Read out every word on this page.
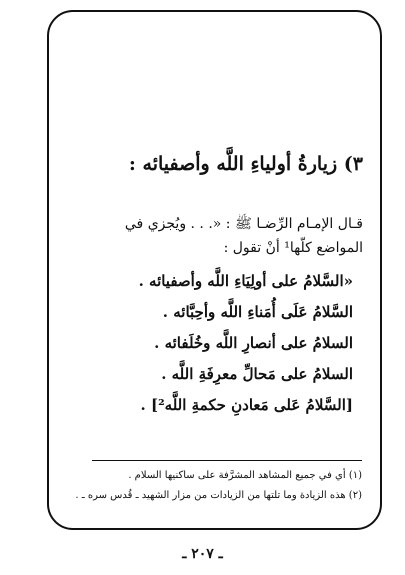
٣) زيارةُ أولياءِ اللَّه وأصفيائه :

قـال الإمـام الرِّضـا ﷺ : «. . . ويُجزي في

المواضع كلّها¹ أنْ تقول :

«السَّلامُ على أولِيَاءِ اللَّه وأصفيائه .
السَّلامُ عَلَى أُمَناءِ اللَّه وأحِبَّائه .
السلامُ على أنصارِ اللَّه وخُلَفائه .
السلامُ على مَحالِّ معرِفَةِ اللَّه .
[السَّلامُ عَلى مَعادنِ حكمةِ اللَّه²] .
(١) أي في جميع المشاهد المشرَّفة على ساكنيها السلام .
(٢) هذه الزيادة وما تلتها من الزيادات من مزار الشهيد ـ قُدس سره ـ .
ـ ٢٠٧ ـ
